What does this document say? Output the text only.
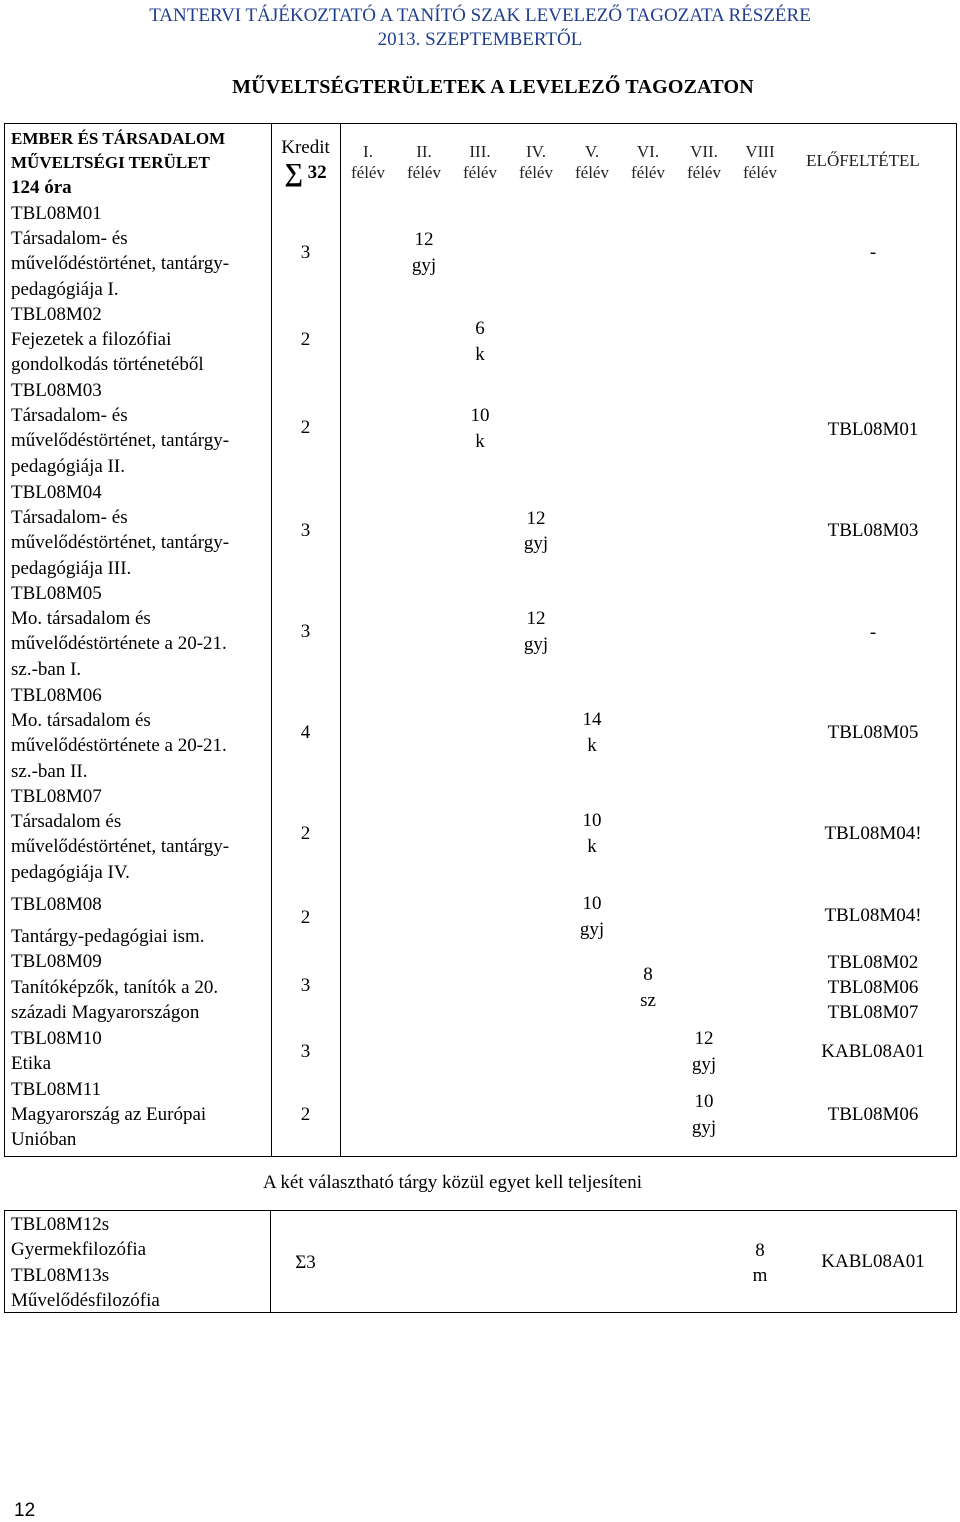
TANTERVI TÁJÉKOZTATÓ A TANÍTÓ SZAK LEVELEZŐ TAGOZATA RÉSZÉRE
2013. SZEPTEMBERTŐL
MŰVELTSÉGTERÜLETEK A LEVELEZŐ TAGOZATON
EMBER ÉS TÁRSADALOM
MŰVELTSÉGI TERÜLET
124 óra
Kredit
∑ 32
I.
félév
II.
félév
III.
félév
IV.
félév
V.
félév
VI.
félév
VII.
félév
VIII
félév
ELŐFELTÉTEL
TBL08M01
Társadalom- és
művelődéstörténet, tantárgy-
pedagógiája I.
3
12
gyj
-
TBL08M02
Fejezetek a filozófiai
gondolkodás történetéből
2
6
k
TBL08M03
Társadalom- és
művelődéstörténet, tantárgy-
pedagógiája II.
2
10
k
TBL08M01
TBL08M04
Társadalom- és
művelődéstörténet, tantárgy-
pedagógiája III.
3
12
gyj
TBL08M03
TBL08M05
Mo. társadalom és
művelődéstörténete a 20-21.
sz.-ban I.
3
12
gyj
-
TBL08M06
Mo. társadalom és
művelődéstörténete a 20-21.
sz.-ban II.
4
14
k
TBL08M05
TBL08M07
Társadalom és
művelődéstörténet, tantárgy-
pedagógiája IV.
2
10
k
TBL08M04!
TBL08M08
Tantárgy-pedagógiai ism.
2
10
gyj
TBL08M04!
TBL08M09
Tanítóképzők, tanítók a 20.
századi Magyarországon
3
8
sz
TBL08M02
TBL08M06
TBL08M07
TBL08M10
Etika
3
12
gyj
KABL08A01
TBL08M11
Magyarország az Európai
Unióban
2
10
gyj
TBL08M06
A két választható tárgy közül egyet kell teljesíteni
TBL08M12s
Gyermekfilozófia
TBL08M13s
Művelődésfilozófia
Σ3
8
m
KABL08A01
12
